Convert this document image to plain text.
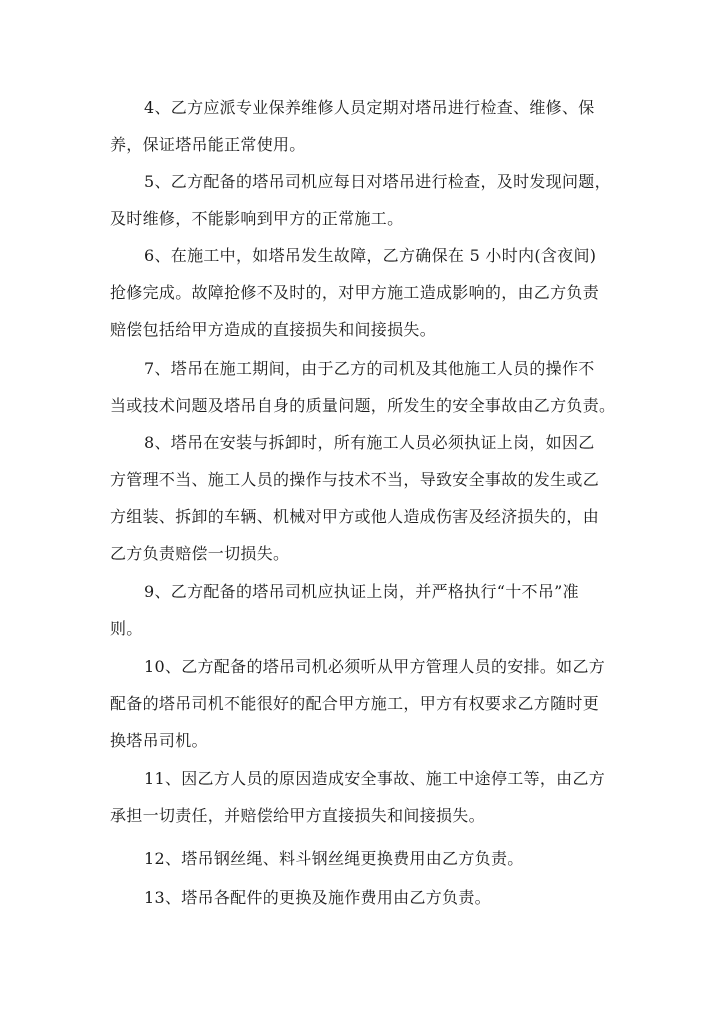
4、乙方应派专业保养维修人员定期对塔吊进行检查、维修、保
养，保证塔吊能正常使用。

5、乙方配备的塔吊司机应每日对塔吊进行检查，及时发现问题，
及时维修，不能影响到甲方的正常施工。

6、在施工中，如塔吊发生故障，乙方确保在 5 小时内(含夜间)
抢修完成。故障抢修不及时的，对甲方施工造成影响的，由乙方负责
赔偿包括给甲方造成的直接损失和间接损失。

7、塔吊在施工期间，由于乙方的司机及其他施工人员的操作不
当或技术问题及塔吊自身的质量问题，所发生的安全事故由乙方负责。

8、塔吊在安装与拆卸时，所有施工人员必须执证上岗，如因乙
方管理不当、施工人员的操作与技术不当，导致安全事故的发生或乙
方组装、拆卸的车辆、机械对甲方或他人造成伤害及经济损失的，由
乙方负责赔偿一切损失。

9、乙方配备的塔吊司机应执证上岗，并严格执行“十不吊”准
则。

10、乙方配备的塔吊司机必须听从甲方管理人员的安排。如乙方
配备的塔吊司机不能很好的配合甲方施工，甲方有权要求乙方随时更
换塔吊司机。

11、因乙方人员的原因造成安全事故、施工中途停工等，由乙方
承担一切责任，并赔偿给甲方直接损失和间接损失。

12、塔吊钢丝绳、料斗钢丝绳更换费用由乙方负责。

13、塔吊各配件的更换及施作费用由乙方负责。
